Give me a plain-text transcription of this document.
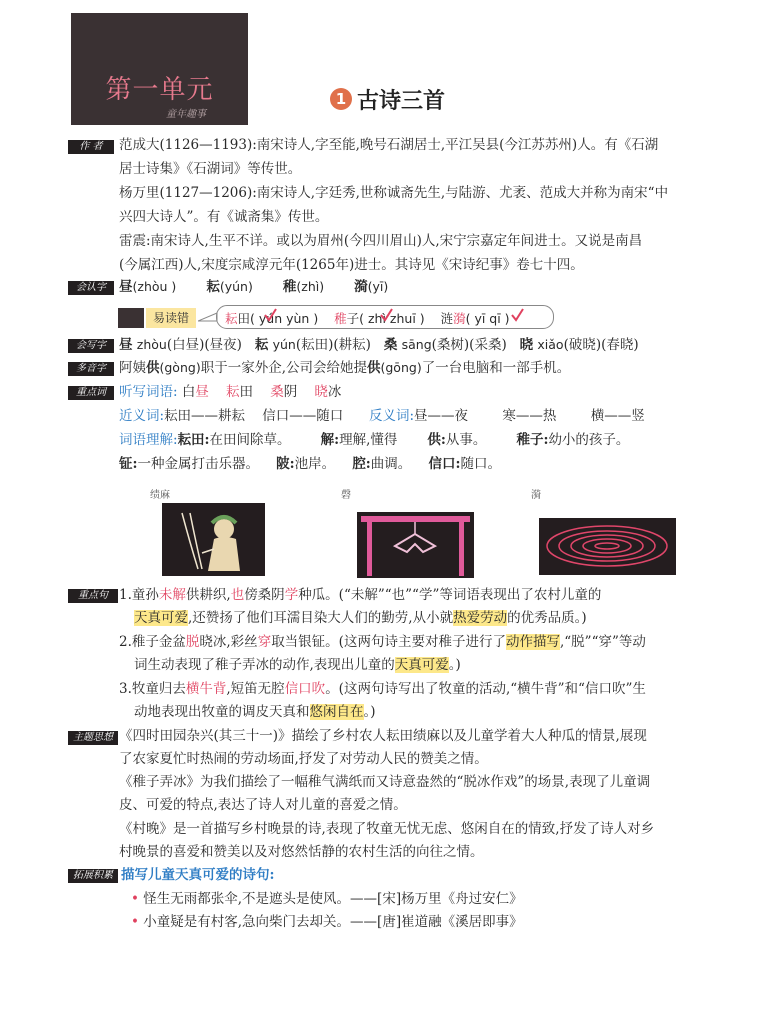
第一单元
童年趣事
1 古诗三首
作 者	范成大(1126—1193):南宋诗人,字至能,晚号石湖居士,平江吴县(今江苏苏州)人。有《石湖
居士诗集》《石湖词》等传世。
杨万里(1127—1206):南宋诗人,字廷秀,世称诚斋先生,与陆游、尤袤、范成大并称为南宋“中
兴四大诗人”。有《诚斋集》传世。
雷震:南宋诗人,生平不详。或以为眉州(今四川眉山)人,宋宁宗嘉定年间进士。又说是南昌
(今属江西)人,宋度宗咸淳元年(1265年)进士。其诗见《宋诗纪事》卷七十四。
会认字 昼(zhòu ) 耘(yún) 稚(zhì) 漪(yī)
易读错	耘田( yún yùn ) 稚子( zhì zhuī ) 涟漪( yī qī )
会写字 昼 zhòu(白昼)(昼夜) 耘 yún(耘田)(耕耘) 桑 sāng(桑树)(采桑) 晓 xiǎo(破晓)(春晓)
多音字 阿姨供(gòng)职于一家外企,公司会给她提供(gōng)了一台电脑和一部手机。
重点词 听写词语: 白昼 耘田 桑阴 晓冰
近义词:耘田——耕耘    信口——随口 反义词:昼——夜        寒——热        横——竖
词语理解:耘田:在田间除草。 解:理解,懂得 供:从事。 稚子:幼小的孩子。
钲:一种金属打击乐器。 陂:池岸。 腔:曲调。 信口:随口。
绩麻	磬	漪
重点句 1.童孙未解供耕织,也傍桑阴学种瓜。(“未解”“也”“学”等词语表现出了农村儿童的
天真可爱,还赞扬了他们耳濡目染大人们的勤劳,从小就热爱劳动的优秀品质。)
2.稚子金盆脱晓冰,彩丝穿取当银钲。(这两句诗主要对稚子进行了动作描写,“脱”“穿”等动
词生动表现了稚子弄冰的动作,表现出儿童的天真可爱。)
3.牧童归去横牛背,短笛无腔信口吹。(这两句诗写出了牧童的活动,“横牛背”和“信口吹”生
动地表现出牧童的调皮天真和悠闲自在。)
主题思想 《四时田园杂兴(其三十一)》描绘了乡村农人耘田绩麻以及儿童学着大人种瓜的情景,展现
了农家夏忙时热闹的劳动场面,抒发了对劳动人民的赞美之情。
《稚子弄冰》为我们描绘了一幅稚气满纸而又诗意盎然的“脱冰作戏”的场景,表现了儿童调
皮、可爱的特点,表达了诗人对儿童的喜爱之情。
《村晚》是一首描写乡村晚景的诗,表现了牧童无忧无虑、悠闲自在的情致,抒发了诗人对乡
村晚景的喜爱和赞美以及对悠然恬静的农村生活的向往之情。
拓展积累 描写儿童天真可爱的诗句:
• 怪生无雨都张伞,不是遮头是使风。——[宋]杨万里《舟过安仁》
• 小童疑是有村客,急向柴门去却关。——[唐]崔道融《溪居即事》
